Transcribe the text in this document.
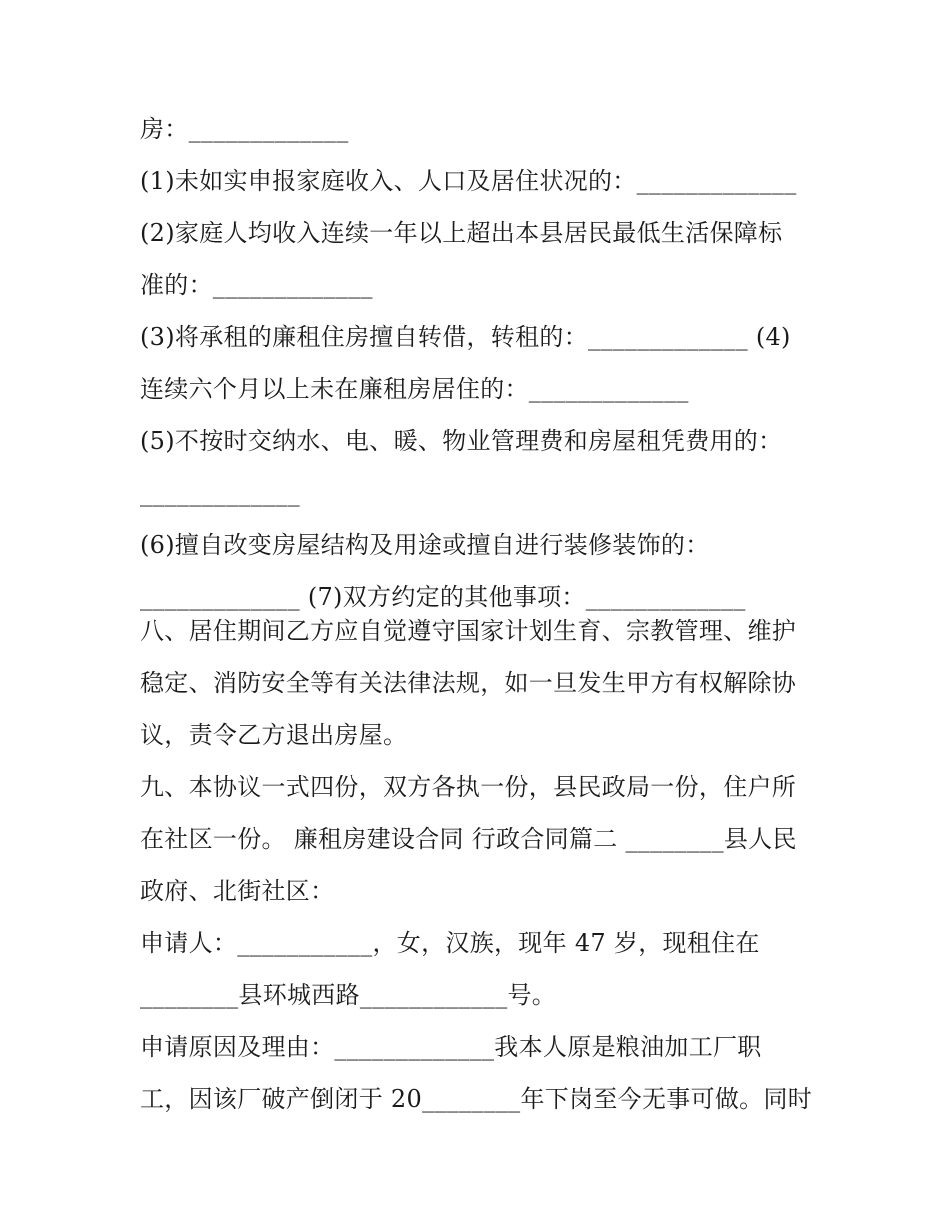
房：_____________
(1)未如实申报家庭收入、人口及居住状况的：_____________
(2)家庭人均收入连续一年以上超出本县居民最低生活保障标
准的：_____________
(3)将承租的廉租住房擅自转借，转租的：_____________ (4)
连续六个月以上未在廉租房居住的：_____________
(5)不按时交纳水、电、暖、物业管理费和房屋租凭费用的：
_____________
(6)擅自改变房屋结构及用途或擅自进行装修装饰的：
_____________ (7)双方约定的其他事项：_____________
八、居住期间乙方应自觉遵守国家计划生育、宗教管理、维护
稳定、消防安全等有关法律法规，如一旦发生甲方有权解除协
议，责令乙方退出房屋。
九、本协议一式四份，双方各执一份，县民政局一份，住户所
在社区一份。 廉租房建设合同 行政合同篇二 ________县人民
政府、北街社区：
申请人：___________，女，汉族，现年 47 岁，现租住在
________县环城西路____________号。
申请原因及理由：_____________我本人原是粮油加工厂职
工，因该厂破产倒闭于 20________年下岗至今无事可做。同时
